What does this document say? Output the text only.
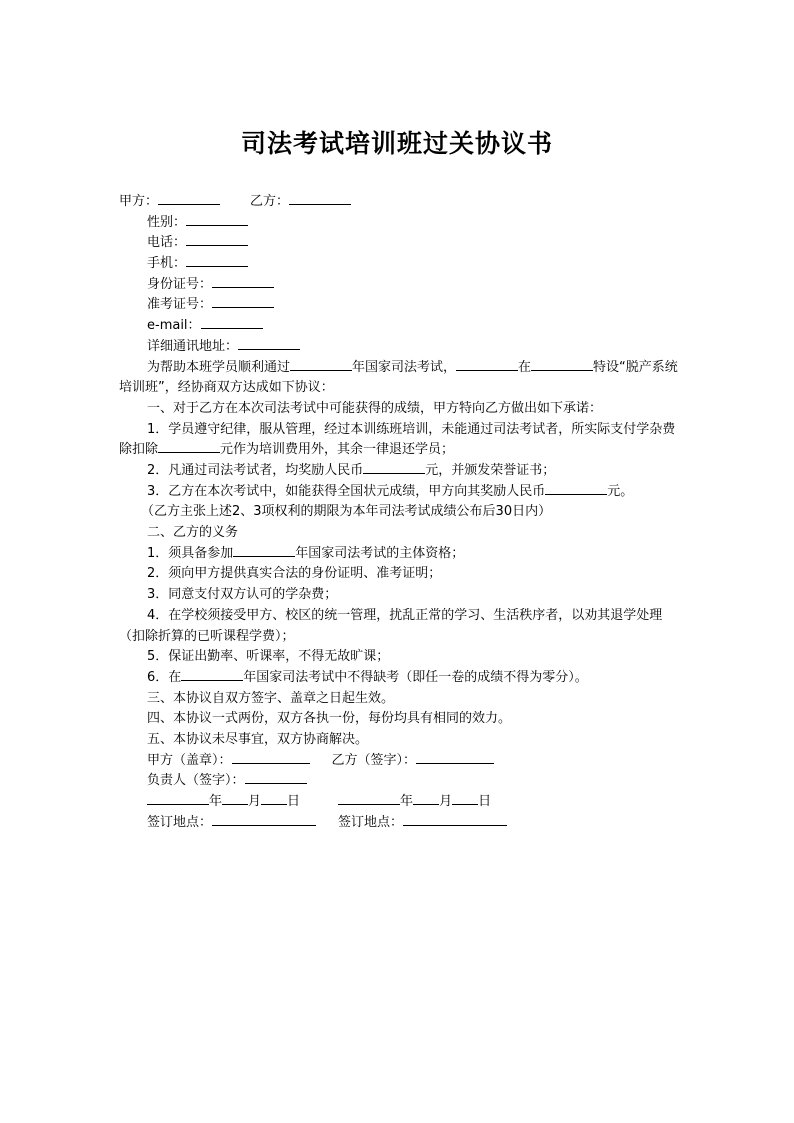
司法考试培训班过关协议书
甲方：	乙方：
性别：
电话：
手机：
身份证号：
准考证号：
e-mail：
详细通讯地址：
为帮助本班学员顺利通过	年国家司法考试，	在	特设“脱产系统培训班”，经协商双方达成如下协议：
一、对于乙方在本次司法考试中可能获得的成绩，甲方特向乙方做出如下承诺：
1．学员遵守纪律，服从管理，经过本训练班培训，未能通过司法考试者，所实际支付学杂费除扣除	元作为培训费用外，其余一律退还学员；
2．凡通过司法考试者，均奖励人民币	元，并颁发荣誉证书；
3．乙方在本次考试中，如能获得全国状元成绩，甲方向其奖励人民币	元。
（乙方主张上述2、3项权利的期限为本年司法考试成绩公布后30日内）
二、乙方的义务
1．须具备参加	年国家司法考试的主体资格；
2．须向甲方提供真实合法的身份证明、准考证明；
3．同意支付双方认可的学杂费；
4．在学校须接受甲方、校区的统一管理，扰乱正常的学习、生活秩序者，以劝其退学处理（扣除折算的已听课程学费）；
5．保证出勤率、听课率，不得无故旷课；
6．在	年国家司法考试中不得缺考（即任一卷的成绩不得为零分）。
三、本协议自双方签字、盖章之日起生效。
四、本协议一式两份，双方各执一份，每份均具有相同的效力。
五、本协议未尽事宜，双方协商解决。
甲方（盖章）：	乙方（签字）：
负责人（签字）：
年 月 日	年 月 日
签订地点：	签订地点：
